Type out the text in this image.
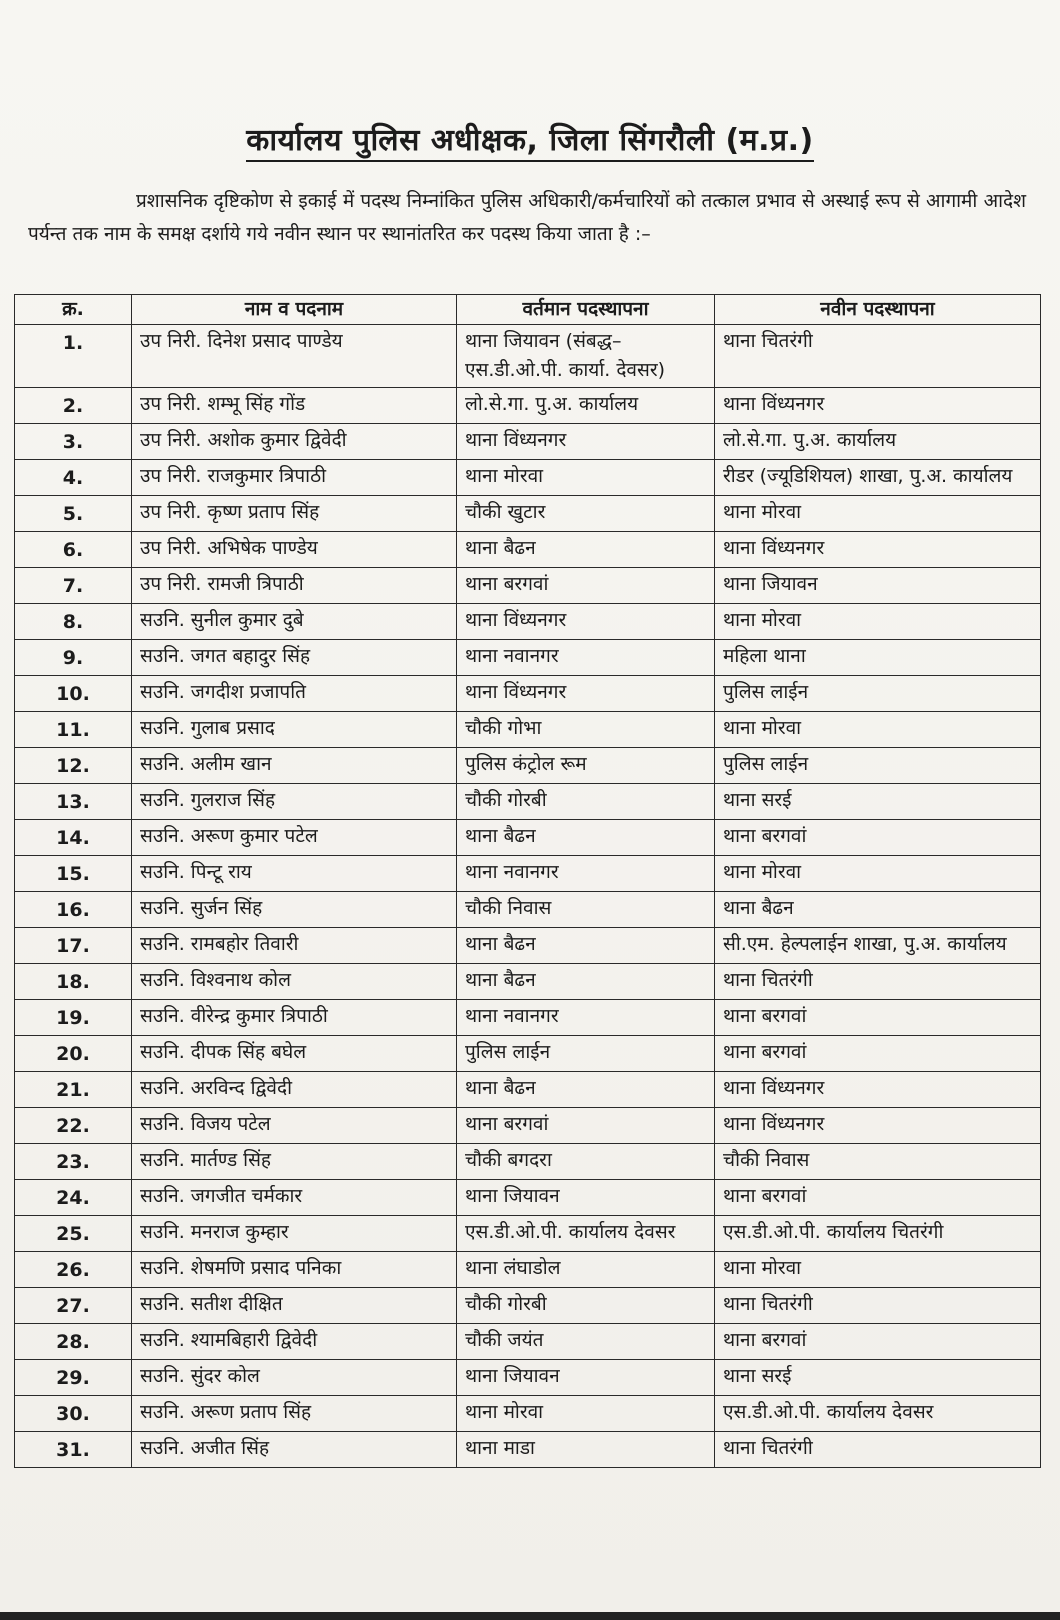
कार्यालय पुलिस अधीक्षक, जिला सिंगरौली (म.प्र.)
प्रशासनिक दृष्टिकोण से इकाई में पदस्थ निम्नांकित पुलिस अधिकारी/कर्मचारियों को तत्काल प्रभाव से अस्थाई रूप से आगामी आदेश पर्यन्त तक नाम के समक्ष दर्शाये गये नवीन स्थान पर स्थानांतरित कर पदस्थ किया जाता है :–
क्र.	नाम व पदनाम	वर्तमान पदस्थापना	नवीन पदस्थापना
1.	उप निरी. दिनेश प्रसाद पाण्डेय	थाना जियावन (संबद्ध–एस.डी.ओ.पी. कार्या. देवसर)	थाना चितरंगी
2.	उप निरी. शम्भू सिंह गोंड	लो.से.गा. पु.अ. कार्यालय	थाना विंध्यनगर
3.	उप निरी. अशोक कुमार द्विवेदी	थाना विंध्यनगर	लो.से.गा. पु.अ. कार्यालय
4.	उप निरी. राजकुमार त्रिपाठी	थाना मोरवा	रीडर (ज्यूडिशियल) शाखा, पु.अ. कार्यालय
5.	उप निरी. कृष्ण प्रताप सिंह	चौकी खुटार	थाना मोरवा
6.	उप निरी. अभिषेक पाण्डेय	थाना बैढन	थाना विंध्यनगर
7.	उप निरी. रामजी त्रिपाठी	थाना बरगवां	थाना जियावन
8.	सउनि. सुनील कुमार दुबे	थाना विंध्यनगर	थाना मोरवा
9.	सउनि. जगत बहादुर सिंह	थाना नवानगर	महिला थाना
10.	सउनि. जगदीश प्रजापति	थाना विंध्यनगर	पुलिस लाईन
11.	सउनि. गुलाब प्रसाद	चौकी गोभा	थाना मोरवा
12.	सउनि. अलीम खान	पुलिस कंट्रोल रूम	पुलिस लाईन
13.	सउनि. गुलराज सिंह	चौकी गोरबी	थाना सरई
14.	सउनि. अरूण कुमार पटेल	थाना बैढन	थाना बरगवां
15.	सउनि. पिन्टू राय	थाना नवानगर	थाना मोरवा
16.	सउनि. सुर्जन सिंह	चौकी निवास	थाना बैढन
17.	सउनि. रामबहोर तिवारी	थाना बैढन	सी.एम. हेल्पलाईन शाखा, पु.अ. कार्यालय
18.	सउनि. विश्वनाथ कोल	थाना बैढन	थाना चितरंगी
19.	सउनि. वीरेन्द्र कुमार त्रिपाठी	थाना नवानगर	थाना बरगवां
20.	सउनि. दीपक सिंह बघेल	पुलिस लाईन	थाना बरगवां
21.	सउनि. अरविन्द द्विवेदी	थाना बैढन	थाना विंध्यनगर
22.	सउनि. विजय पटेल	थाना बरगवां	थाना विंध्यनगर
23.	सउनि. मार्तण्ड सिंह	चौकी बगदरा	चौकी निवास
24.	सउनि. जगजीत चर्मकार	थाना जियावन	थाना बरगवां
25.	सउनि. मनराज कुम्हार	एस.डी.ओ.पी. कार्यालय देवसर	एस.डी.ओ.पी. कार्यालय चितरंगी
26.	सउनि. शेषमणि प्रसाद पनिका	थाना लंघाडोल	थाना मोरवा
27.	सउनि. सतीश दीक्षित	चौकी गोरबी	थाना चितरंगी
28.	सउनि. श्यामबिहारी द्विवेदी	चौकी जयंत	थाना बरगवां
29.	सउनि. सुंदर कोल	थाना जियावन	थाना सरई
30.	सउनि. अरूण प्रताप सिंह	थाना मोरवा	एस.डी.ओ.पी. कार्यालय देवसर
31.	सउनि. अजीत सिंह	थाना माडा	थाना चितरंगी
